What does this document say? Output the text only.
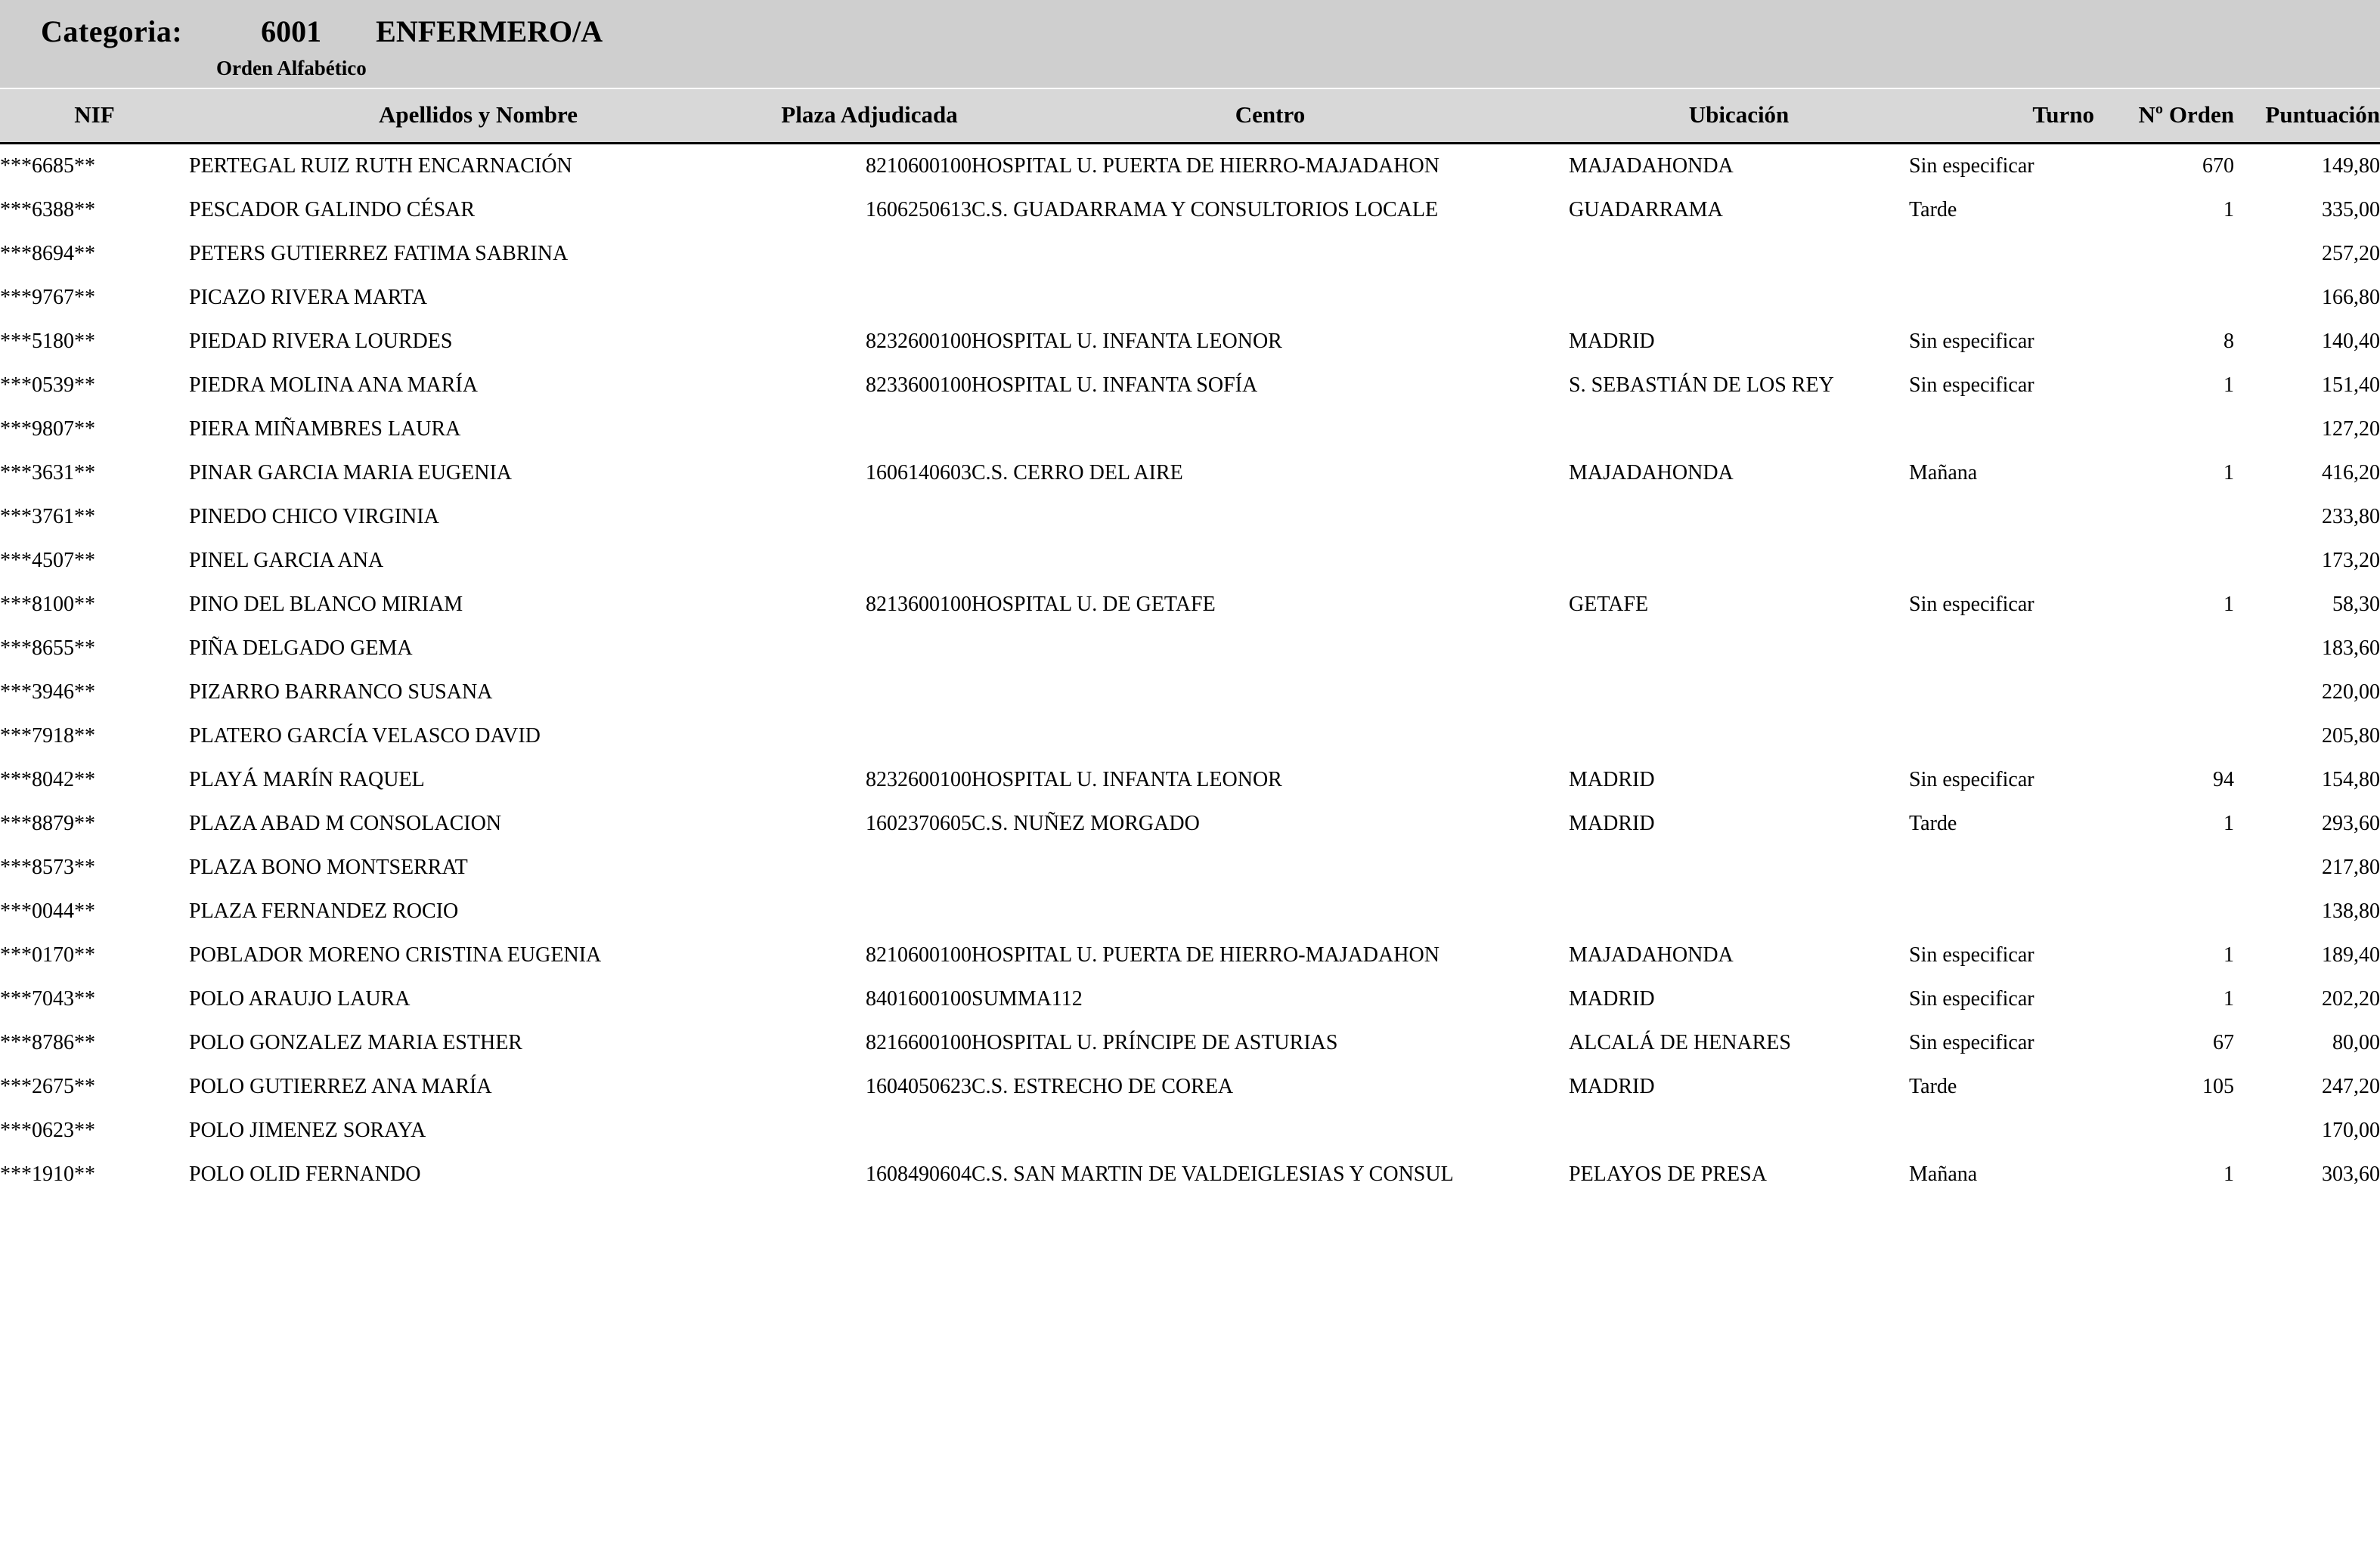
Categoria:	6001 ENFERMERO/A
Orden Alfabético
NIF	Apellidos y Nombre	Plaza Adjudicada	Centro	Ubicación	Turno	Nº Orden	Puntuación
***6685**	PERTEGAL RUIZ RUTH ENCARNACIÓN	8210600100	HOSPITAL U. PUERTA DE HIERRO-MAJADAHON	MAJADAHONDA	Sin especificar	670	149,80
***6388**	PESCADOR GALINDO CÉSAR	1606250613	C.S. GUADARRAMA Y CONSULTORIOS LOCALE	GUADARRAMA	Tarde	1	335,00
***8694**	PETERS GUTIERREZ FATIMA SABRINA						257,20
***9767**	PICAZO RIVERA MARTA						166,80
***5180**	PIEDAD RIVERA LOURDES	8232600100	HOSPITAL U. INFANTA LEONOR	MADRID	Sin especificar	8	140,40
***0539**	PIEDRA MOLINA ANA MARÍA	8233600100	HOSPITAL U. INFANTA SOFÍA	S. SEBASTIÁN DE LOS REY	Sin especificar	1	151,40
***9807**	PIERA MIÑAMBRES LAURA						127,20
***3631**	PINAR GARCIA MARIA EUGENIA	1606140603	C.S. CERRO DEL AIRE	MAJADAHONDA	Mañana	1	416,20
***3761**	PINEDO CHICO VIRGINIA						233,80
***4507**	PINEL GARCIA ANA						173,20
***8100**	PINO DEL BLANCO MIRIAM	8213600100	HOSPITAL U. DE GETAFE	GETAFE	Sin especificar	1	58,30
***8655**	PIÑA DELGADO GEMA						183,60
***3946**	PIZARRO BARRANCO SUSANA						220,00
***7918**	PLATERO GARCÍA VELASCO DAVID						205,80
***8042**	PLAYÁ MARÍN RAQUEL	8232600100	HOSPITAL U. INFANTA LEONOR	MADRID	Sin especificar	94	154,80
***8879**	PLAZA ABAD M CONSOLACION	1602370605	C.S. NUÑEZ MORGADO	MADRID	Tarde	1	293,60
***8573**	PLAZA BONO MONTSERRAT						217,80
***0044**	PLAZA FERNANDEZ ROCIO						138,80
***0170**	POBLADOR MORENO CRISTINA EUGENIA	8210600100	HOSPITAL U. PUERTA DE HIERRO-MAJADAHON	MAJADAHONDA	Sin especificar	1	189,40
***7043**	POLO ARAUJO LAURA	8401600100	SUMMA112	MADRID	Sin especificar	1	202,20
***8786**	POLO GONZALEZ MARIA ESTHER	8216600100	HOSPITAL U. PRÍNCIPE DE ASTURIAS	ALCALÁ DE HENARES	Sin especificar	67	80,00
***2675**	POLO GUTIERREZ ANA MARÍA	1604050623	C.S. ESTRECHO DE COREA	MADRID	Tarde	105	247,20
***0623**	POLO JIMENEZ SORAYA						170,00
***1910**	POLO OLID FERNANDO	1608490604	C.S. SAN MARTIN DE VALDEIGLESIAS Y CONSUL	PELAYOS DE PRESA	Mañana	1	303,60
